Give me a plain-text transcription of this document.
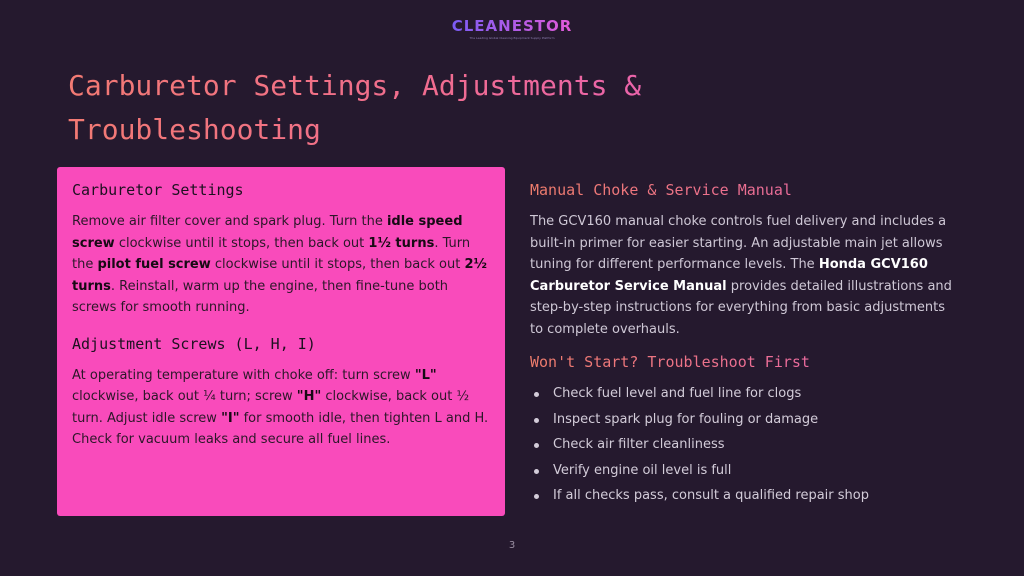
CLEANESTOR
The Leading Global Cleaning Equipment Supply Platform
Carburetor Settings, Adjustments & Troubleshooting
Carburetor Settings

Remove air filter cover and spark plug. Turn the idle speed screw clockwise until it stops, then back out 1½ turns. Turn the pilot fuel screw clockwise until it stops, then back out 2½ turns. Reinstall, warm up the engine, then fine-tune both screws for smooth running.

Adjustment Screws (L, H, I)

At operating temperature with choke off: turn screw "L" clockwise, back out ¼ turn; screw "H" clockwise, back out ½ turn. Adjust idle screw "I" for smooth idle, then tighten L and H. Check for vacuum leaks and secure all fuel lines.

Manual Choke & Service Manual

The GCV160 manual choke controls fuel delivery and includes a built-in primer for easier starting. An adjustable main jet allows tuning for different performance levels. The Honda GCV160 Carburetor Service Manual provides detailed illustrations and step-by-step instructions for everything from basic adjustments to complete overhauls.

Won't Start? Troubleshoot First
Check fuel level and fuel line for clogs
Inspect spark plug for fouling or damage
Check air filter cleanliness
Verify engine oil level is full
If all checks pass, consult a qualified repair shop
3
